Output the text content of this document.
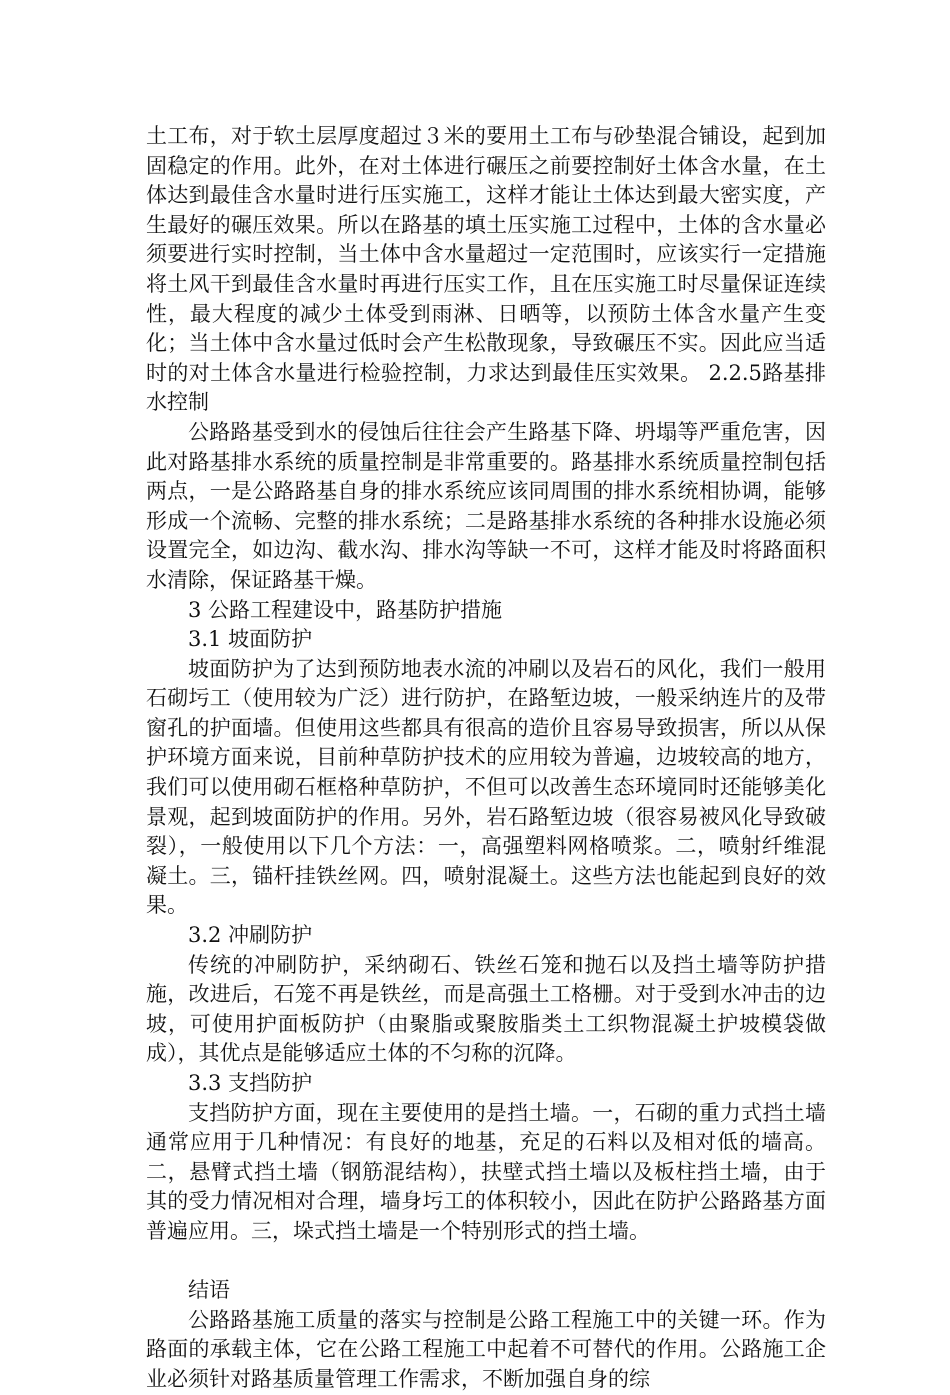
土工布，对于软土层厚度超过３米的要用土工布与砂垫混合铺设，起到加固稳定的作用。此外，在对土体进行碾压之前要控制好土体含水量，在土体达到最佳含水量时进行压实施工，这样才能让土体达到最大密实度，产生最好的碾压效果。所以在路基的填土压实施工过程中，土体的含水量必须要进行实时控制，当土体中含水量超过一定范围时，应该实行一定措施将土风干到最佳含水量时再进行压实工作，且在压实施工时尽量保证连续性，最大程度的减少土体受到雨淋、日晒等，以预防土体含水量产生变化；当土体中含水量过低时会产生松散现象，导致碾压不实。因此应当适时的对土体含水量进行检验控制，力求达到最佳压实效果。 2.2.5路基排水控制

公路路基受到水的侵蚀后往往会产生路基下降、坍塌等严重危害，因此对路基排水系统的质量控制是非常重要的。路基排水系统质量控制包括两点，一是公路路基自身的排水系统应该同周围的排水系统相协调，能够形成一个流畅、完整的排水系统；二是路基排水系统的各种排水设施必须设置完全，如边沟、截水沟、排水沟等缺一不可，这样才能及时将路面积水清除，保证路基干燥。

3 公路工程建设中，路基防护措施

3.1 坡面防护

坡面防护为了达到预防地表水流的冲刷以及岩石的风化，我们一般用石砌圬工（使用较为广泛）进行防护，在路堑边坡，一般采纳连片的及带窗孔的护面墙。但使用这些都具有很高的造价且容易导致损害，所以从保护环境方面来说，目前种草防护技术的应用较为普遍，边坡较高的地方，我们可以使用砌石框格种草防护，不但可以改善生态环境同时还能够美化景观，起到坡面防护的作用。另外，岩石路堑边坡（很容易被风化导致破裂），一般使用以下几个方法：一，高强塑料网格喷浆。二，喷射纤维混凝土。三，锚杆挂铁丝网。四，喷射混凝土。这些方法也能起到良好的效果。

3.2 冲刷防护

传统的冲刷防护，采纳砌石、铁丝石笼和抛石以及挡土墙等防护措施，改进后，石笼不再是铁丝，而是高强土工格栅。对于受到水冲击的边坡，可使用护面板防护（由聚脂或聚胺脂类土工织物混凝土护坡模袋做成），其优点是能够适应土体的不匀称的沉降。

3.3 支挡防护

支挡防护方面，现在主要使用的是挡土墙。一，石砌的重力式挡土墙通常应用于几种情况：有良好的地基，充足的石料以及相对低的墙高。二，悬臂式挡土墙（钢筋混结构），扶壁式挡土墙以及板柱挡土墙，由于其的受力情况相对合理，墙身圬工的体积较小，因此在防护公路路基方面普遍应用。三，垛式挡土墙是一个特别形式的挡土墙。

结语

公路路基施工质量的落实与控制是公路工程施工中的关键一环。作为路面的承载主体，它在公路工程施工中起着不可替代的作用。公路施工企业必须针对路基质量管理工作需求，不断加强自身的综
